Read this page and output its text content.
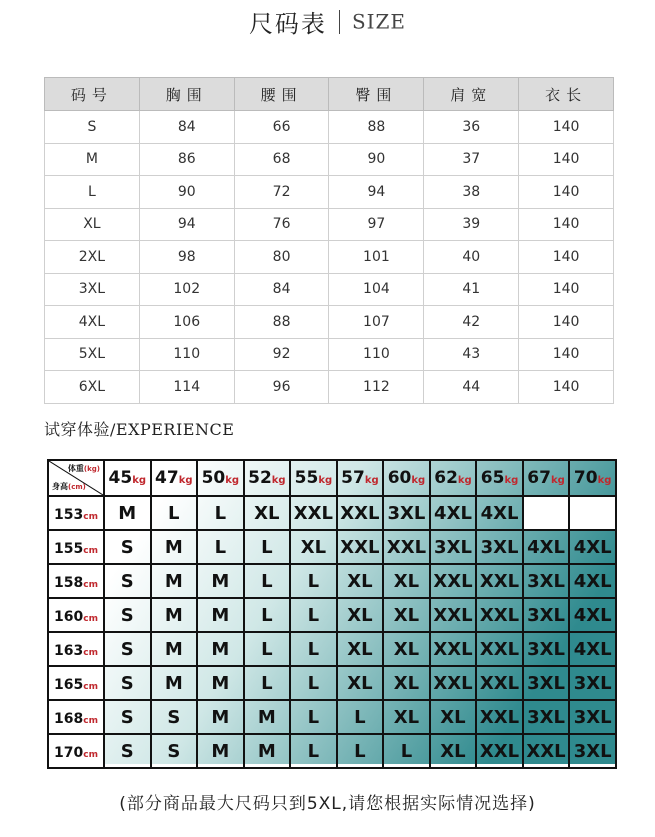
尺码表 SIZE
码号	胸围	腰围	臀围	肩宽	衣长
S	84	66	88	36	140
M	86	68	90	37	140
L	90	72	94	38	140
XL	94	76	97	39	140
2XL	98	80	101	40	140
3XL	102	84	104	41	140
4XL	106	88	107	42	140
5XL	110	92	110	43	140
6XL	114	96	112	44	140
试穿体验/EXPERIENCE
体重(kg)
身高(cm)	45kg	47kg	50kg	52kg	55kg	57kg	60kg	62kg	65kg	67kg	70kg
153cm	M	L	L	XL	XXL	XXL	3XL	4XL	4XL		
155cm	S	M	L	L	XL	XXL	XXL	3XL	3XL	4XL	4XL
158cm	S	M	M	L	L	XL	XL	XXL	XXL	3XL	4XL
160cm	S	M	M	L	L	XL	XL	XXL	XXL	3XL	4XL
163cm	S	M	M	L	L	XL	XL	XXL	XXL	3XL	4XL
165cm	S	M	M	L	L	XL	XL	XXL	XXL	3XL	3XL
168cm	S	S	M	M	L	L	XL	XL	XXL	3XL	3XL
170cm	S	S	M	M	L	L	L	XL	XXL	XXL	3XL
(部分商品最大尺码只到5XL,请您根据实际情况选择)
